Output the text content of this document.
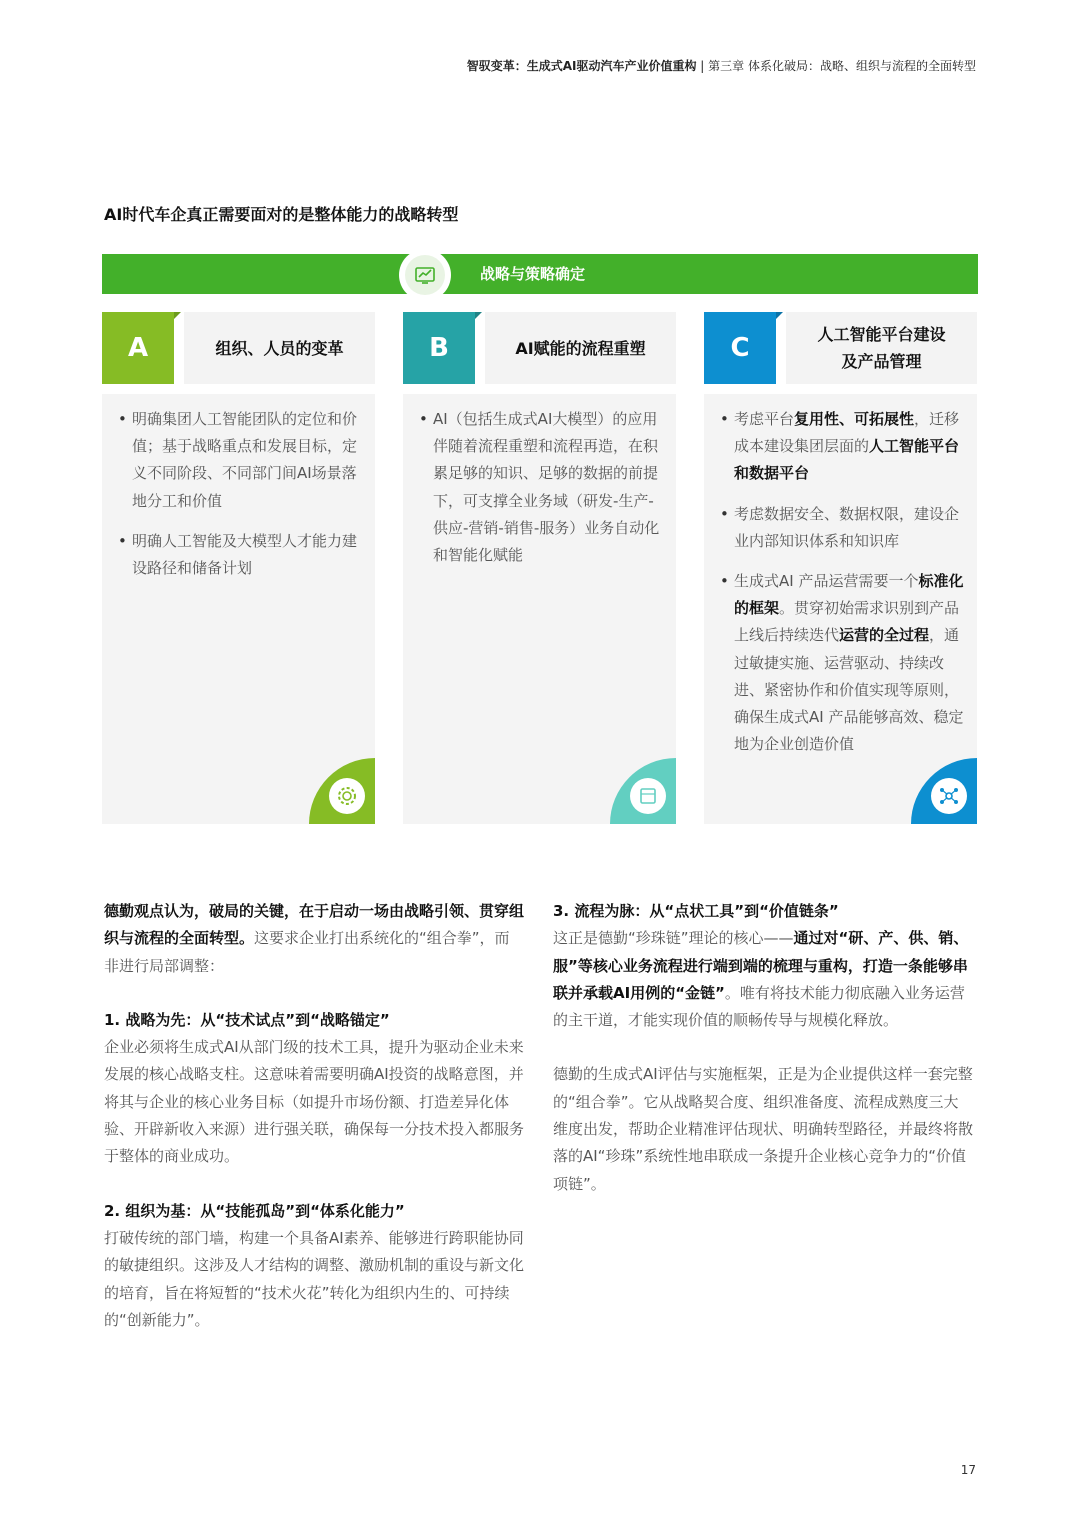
智驭变革：生成式AI驱动汽车产业价值重构 | 第三章 体系化破局：战略、组织与流程的全面转型
AI时代车企真正需要面对的是整体能力的战略转型
战略与策略确定
A	组织、人员的变革
• 明确集团人工智能团队的定位和价值；基于战略重点和发展目标，定义不同阶段、不同部门间AI场景落地分工和价值
• 明确人工智能及大模型人才能力建设路径和储备计划
B	AI赋能的流程重塑
• AI（包括生成式AI大模型）的应用伴随着流程重塑和流程再造，在积累足够的知识、足够的数据的前提下，可支撑全业务域（研发-生产-供应-营销-销售-服务）业务自动化和智能化赋能
C	人工智能平台建设
及产品管理
• 考虑平台复用性、可拓展性，迁移成本建设集团层面的人工智能平台和数据平台
• 考虑数据安全、数据权限，建设企业内部知识体系和知识库
• 生成式AI 产品运营需要一个标准化的框架。贯穿初始需求识别到产品上线后持续迭代运营的全过程，通过敏捷实施、运营驱动、持续改进、紧密协作和价值实现等原则，确保生成式AI 产品能够高效、稳定地为企业创造价值

德勤观点认为，破局的关键，在于启动一场由战略引领、贯穿组织与流程的全面转型。这要求企业打出系统化的“组合拳”，而非进行局部调整：

1. 战略为先：从“技术试点”到“战略锚定”

企业必须将生成式AI从部门级的技术工具，提升为驱动企业未来发展的核心战略支柱。这意味着需要明确AI投资的战略意图，并将其与企业的核心业务目标（如提升市场份额、打造差异化体验、开辟新收入来源）进行强关联，确保每一分技术投入都服务于整体的商业成功。

2. 组织为基：从“技能孤岛”到“体系化能力”

打破传统的部门墙，构建一个具备AI素养、能够进行跨职能协同的敏捷组织。这涉及人才结构的调整、激励机制的重设与新文化的培育，旨在将短暂的“技术火花”转化为组织内生的、可持续的“创新能力”。

3. 流程为脉：从“点状工具”到“价值链条”

这正是德勤“珍珠链”理论的核心——通过对“研、产、供、销、服”等核心业务流程进行端到端的梳理与重构，打造一条能够串联并承载AI用例的“金链”。唯有将技术能力彻底融入业务运营的主干道，才能实现价值的顺畅传导与规模化释放。

德勤的生成式AI评估与实施框架，正是为企业提供这样一套完整的“组合拳”。它从战略契合度、组织准备度、流程成熟度三大维度出发，帮助企业精准评估现状、明确转型路径，并最终将散落的AI“珍珠”系统性地串联成一条提升企业核心竞争力的“价值项链”。

17
